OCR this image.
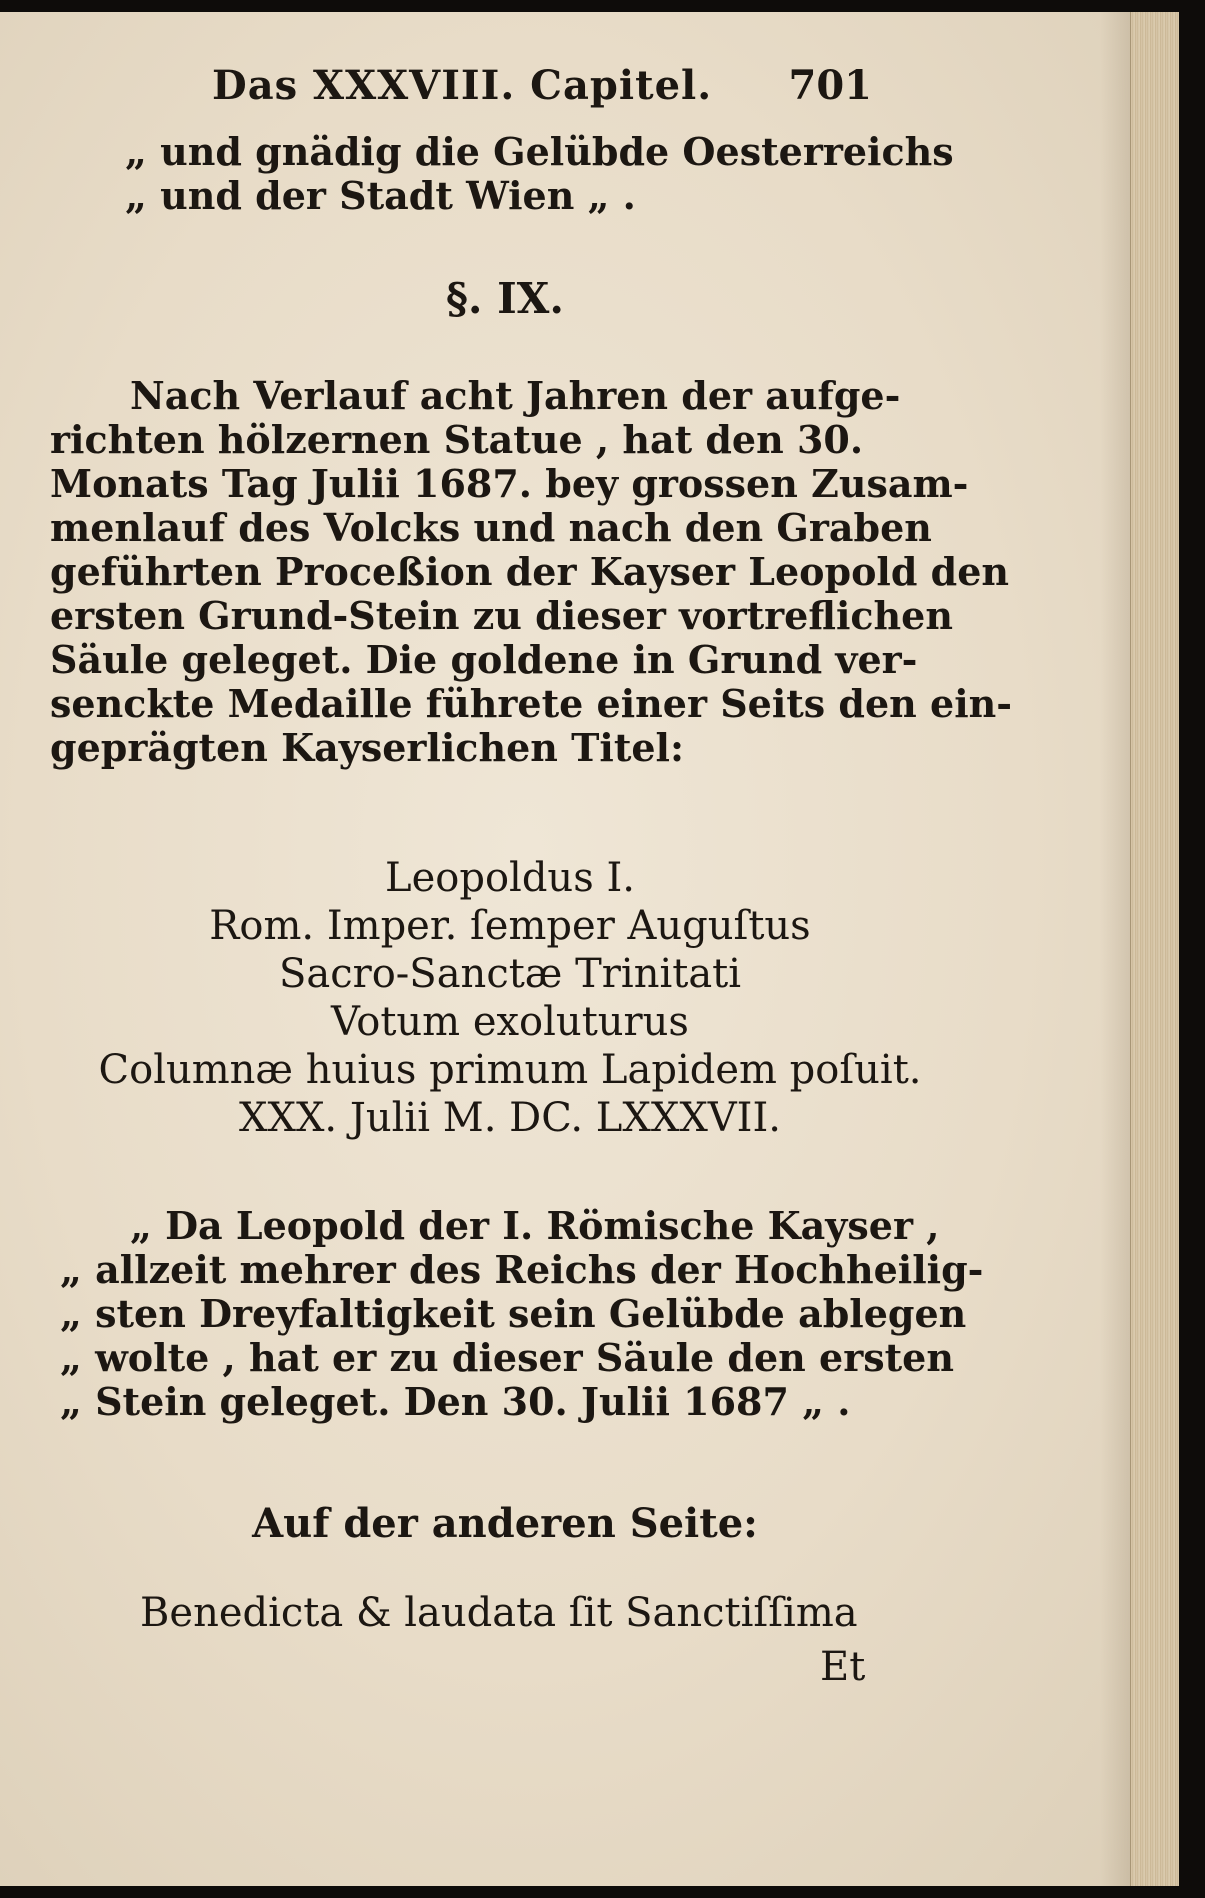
Das XXXVIII. Capitel. 701
„ und gnädig die Gelübde Oesterreichs
„ und der Stadt Wien „ .
§. IX.
Nach Verlauf acht Jahren der aufge-
richten hölzernen Statue , hat den 30.
Monats Tag Julii 1687. bey grossen Zusam-
menlauf des Volcks und nach den Graben
geführten Proceßion der Kayser Leopold den
ersten Grund-Stein zu dieser vortreflichen
Säule geleget. Die goldene in Grund ver-
senckte Medaille führete einer Seits den ein-
geprägten Kayserlichen Titel:
Leopoldus I.
Rom. Imper. ſemper Auguſtus
Sacro-Sanctæ Trinitati
Votum exoluturus
Columnæ huius primum Lapidem poſuit.
XXX. Julii M. DC. LXXXVII.
„ Da Leopold der I. Römische Kayser ,
„ allzeit mehrer des Reichs der Hochheilig-
„ sten Dreyfaltigkeit sein Gelübde ablegen
„ wolte , hat er zu dieser Säule den ersten
„ Stein geleget. Den 30. Julii 1687 „ .
Auf der anderen Seite:
Benedicta & laudata ſit Sanctiſſima
Et
